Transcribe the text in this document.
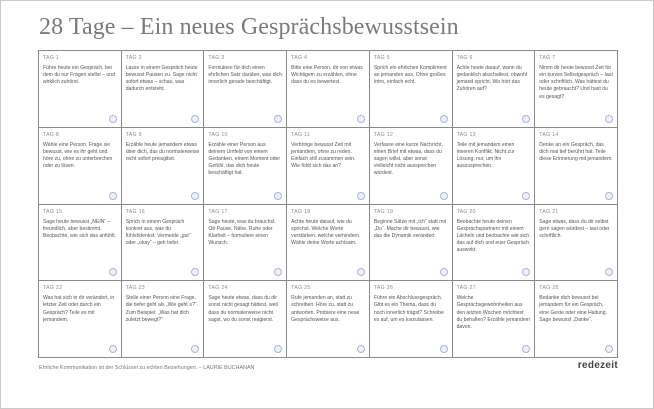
28 Tage – Ein neues Gesprächsbewusstsein
TAG 1
Führe heute ein Gespräch, bei dem du nur Fragen stellst – und wirklich zuhörst.
TAG 2
Lasse in einem Gespräch heute bewusst Pausen zu. Sage nicht sofort etwas – schau, was dadurch entsteht.
TAG 3
Formuliere für dich einen ehrlichen Satz darüber, was dich innerlich gerade beschäftigt.
TAG 4
Bitte eine Person, dir von etwas Wichtigem zu erzählen, ohne dass du es bewertest.
TAG 5
Sprich ein ehrliches Kompliment an jemanden aus. Ohne großes Intro, einfach echt.
TAG 6
Achte heute darauf, wann du gedanklich abschaltest, obwohl jemand spricht. Wo hört das Zuhören auf?
TAG 7
Nimm dir heute bewusst Zeit für ein kurzes Selbstgespräch – laut oder schriftlich. Was hättest du heute gebraucht? Und hast du es gesagt?
TAG 8
Wähle eine Person. Frage sie bewusst, wie es ihr geht und höre zu, ohne zu unterbrechen oder zu lösen.
TAG 9
Erzähle heute jemandem etwas über dich, das du normalerweise nicht sofort preisgibst.
TAG 10
Erzähle einer Person aus deinem Umfeld von einem Gedanken, einem Moment oder Gefühl, das dich heute beschäftigt hat.
TAG 11
Verbringe bewusst Zeit mit jemandem, ohne zu reden. Einfach still zusammen sein. Wie fühlt sich das an?
TAG 12
Verfasse eine kurze Nachricht, einen Brief mit etwas, dass du sagen willst, aber sonst vielleicht nicht aussprechen würdest.
TAG 13
Teile mit jemandem einen inneren Konflikt. Nicht zur Lösung, nur, um ihn auszusprechen.
TAG 14
Denke an ein Gespräch, das dich mal tief berührt hat. Teile diese Erinnerung mit jemandem.
TAG 15
Sage heute bewusst „NEIN“ – freundlich, aber bestimmt. Beobachte, wie sich das anfühlt.
TAG 16
Sprich in einem Gespräch konkret aus, was du fühlst/denkst. Vermeide „gut“ oder „okay“ – geh tiefer.
TAG 17
Sage heute, was du brauchst. Ob Pause, Nähe, Ruhe oder Klarheit – formuliere einen Wunsch.
TAG 18
Achte heute darauf, wie du sprichst. Welche Worte verstärken, welche verhindern. Wähle deine Worte achtsam.
TAG 19
Beginne Sätze mit „Ich“ statt mit „Du“. Mache dir bewusst, wie das die Dynamik verändert.
TAG 20
Beobachte heute deinen Gesprächspartnern mit einem Lächeln und beobachte wie sich das auf dich und euer Gespräch auswirkt.
TAG 21
Sage etwas, dass du dir selbst gern sagen würdest – laut oder schriftlich.
TAG 22
Was hat sich in dir verändert, in letzter Zeit oder durch ein Gespräch? Teile es mit jemandem.
TAG 23
Stelle einer Person eine Frage, die tiefer geht als „Wie geht´s?“. Zum Beispiel: „Was hat dich zuletzt bewegt?“
TAG 24
Sage heute etwas, dass du dir sonst nicht gesagt hättest, weil dass du normalerweise nicht sagst, wo du sonst reagierst.
TAG 25
Rufe jemanden an, statt zu schreiben. Höre zu, statt zu antworten. Probiere eine neue Gesprächsweise aus.
TAG 26
Führe ein Abschlussgespräch. Gibt es ein Thema, dass du noch innerlich trägst? Schreibe es auf, um es loszulassen.
TAG 27
Welche Gesprächsgewohnheiten aus den letzten Wochen möchtest du behalten? Erzähle jemandem davon.
TAG 28
Bedanke dich bewusst bei jemandem für ein Gespräch, eine Geste oder eine Haltung. Sage bewusst „Danke“.
Ehrliche Kommunikation ist der Schlüssel zu echten Beziehungen. – LAURIE BUCHANAN	redezeit
